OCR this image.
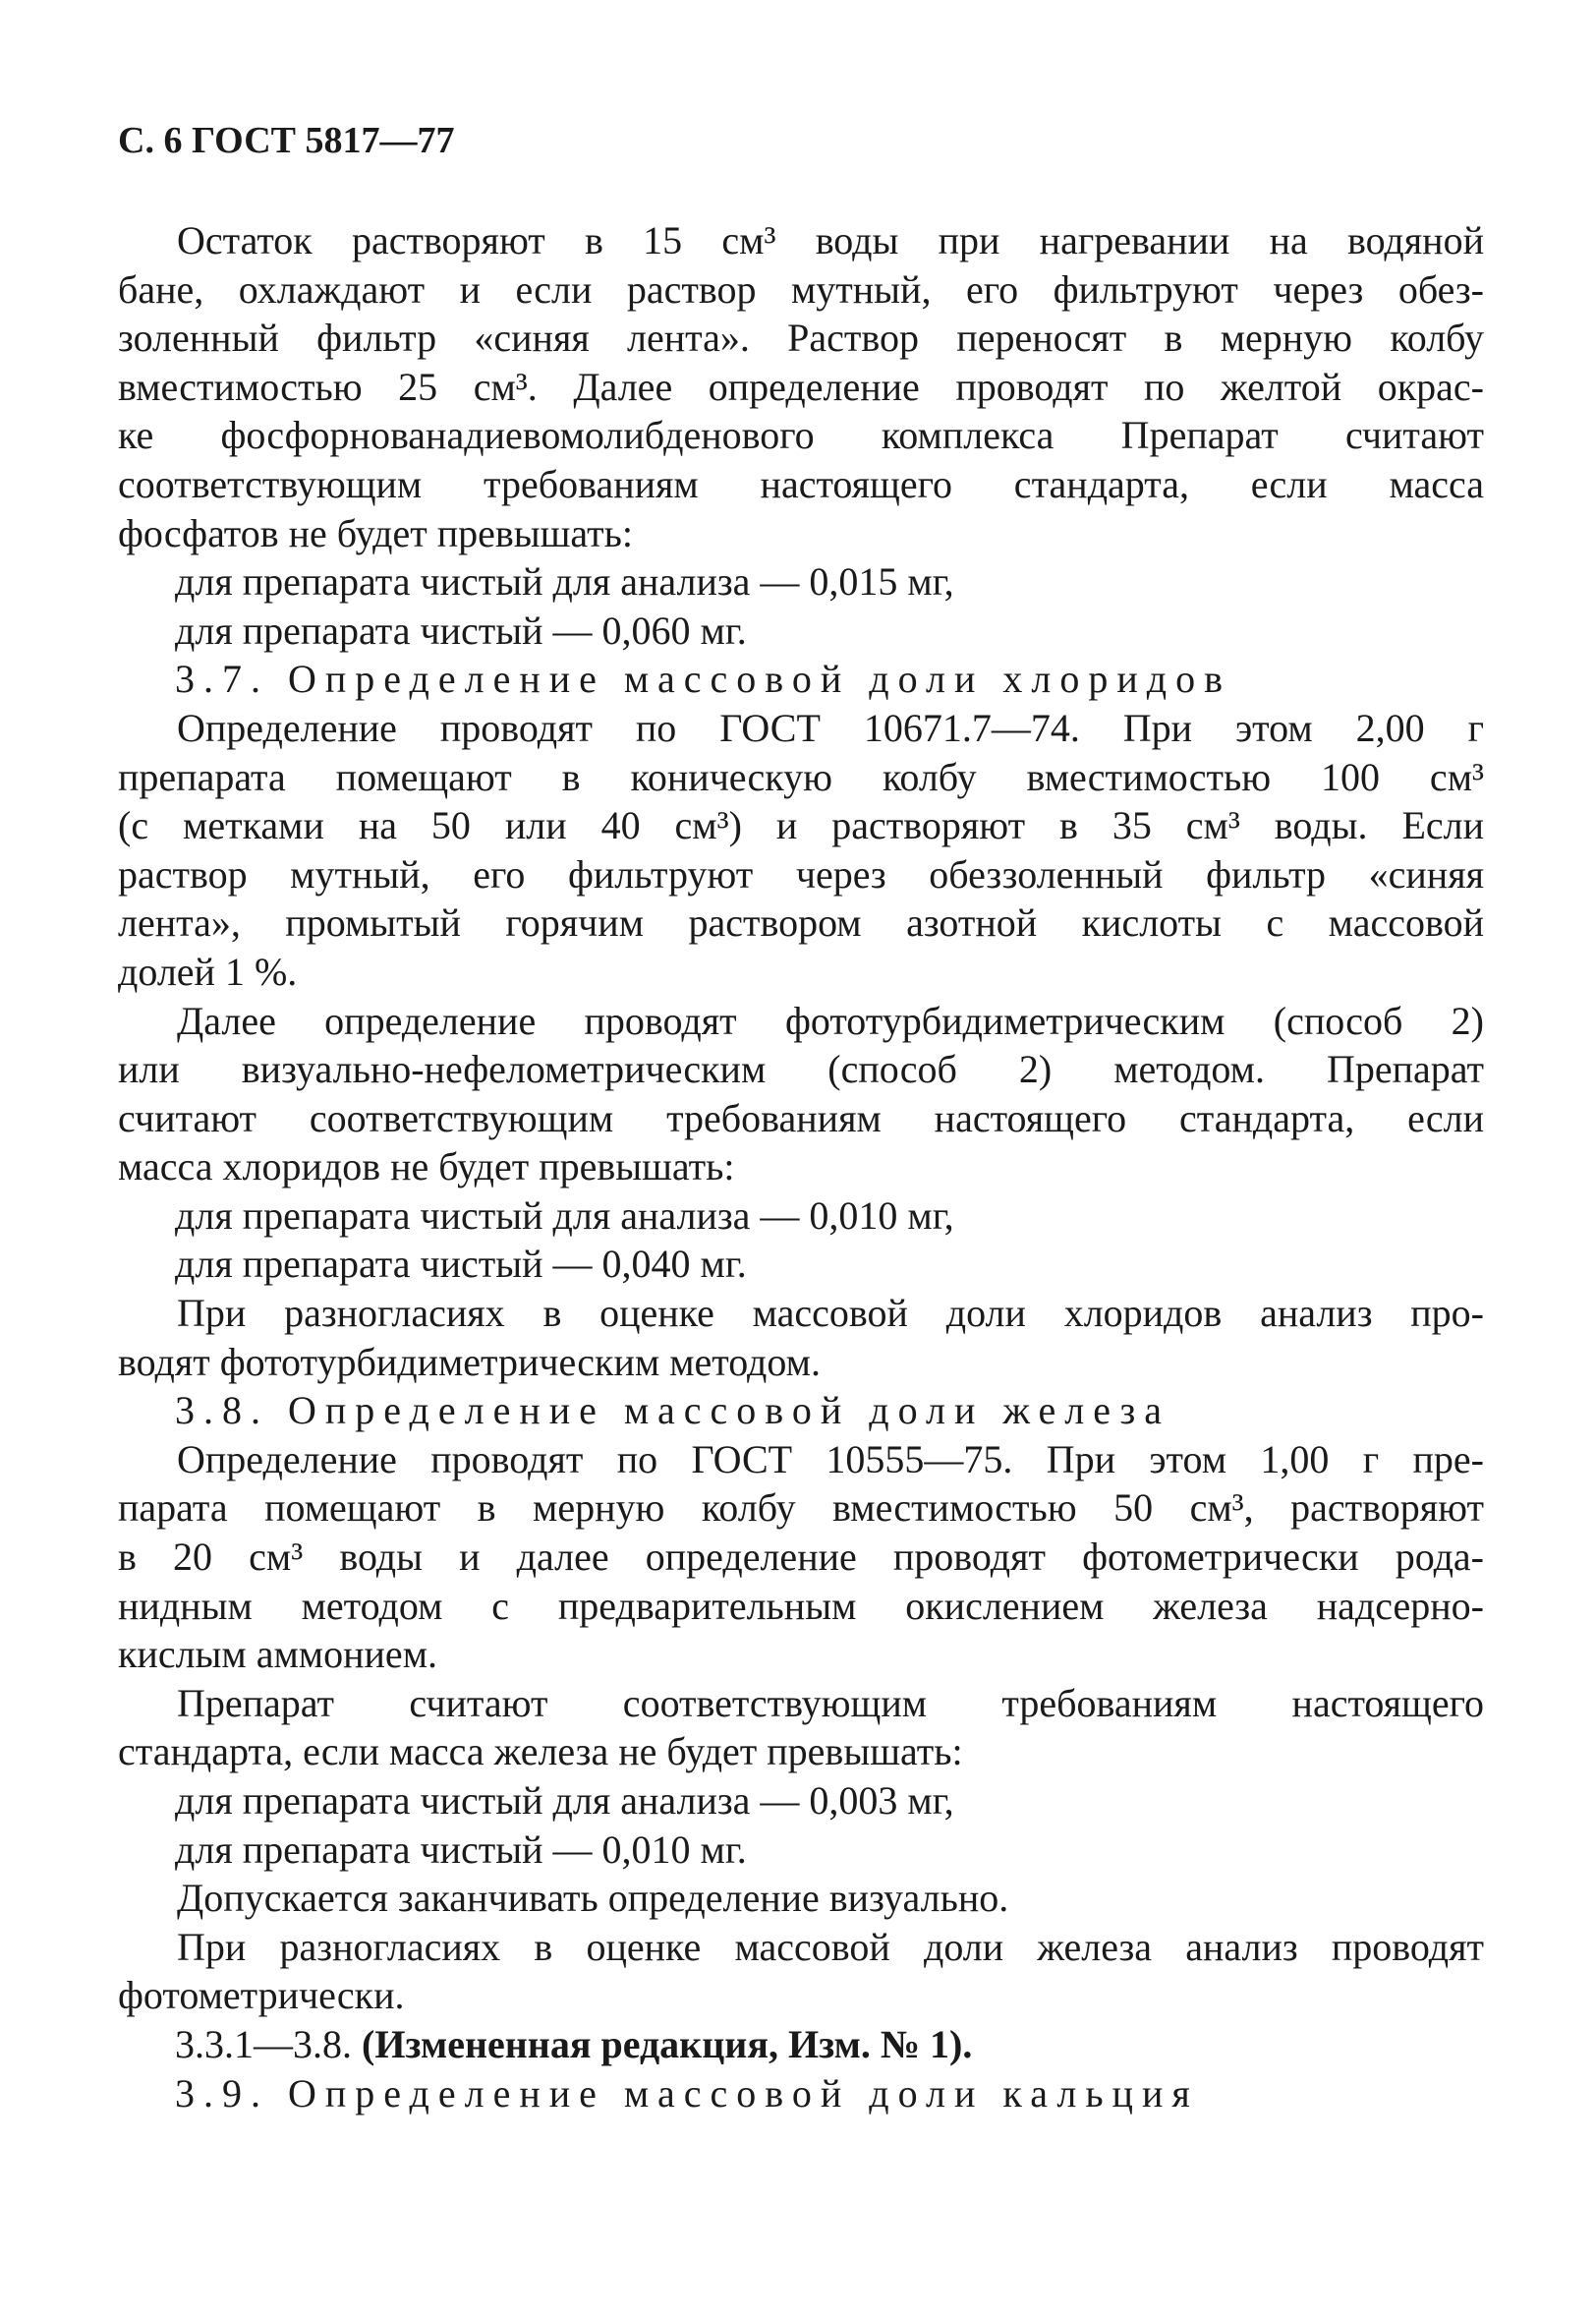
С. 6 ГОСТ 5817—77
Остаток растворяют в 15 см³ воды при нагревании на водяной
бане, охлаждают и если раствор мутный, его фильтруют через обез-
золенный фильтр «синяя лента». Раствор переносят в мерную колбу
вместимостью 25 см³. Далее определение проводят по желтой окрас-
ке фосфорнованадиевомолибденового комплекса Препарат считают
соответствующим требованиям настоящего стандарта, если масса
фосфатов не будет превышать:
для препарата чистый для анализа — 0,015 мг,
для препарата чистый — 0,060 мг.
3.7. Определение массовой доли хлоридов
Определение проводят по ГОСТ 10671.7—74. При этом 2,00 г
препарата помещают в коническую колбу вместимостью 100 см³
(с метками на 50 или 40 см³) и растворяют в 35 см³ воды. Если
раствор мутный, его фильтруют через обеззоленный фильтр «синяя
лента», промытый горячим раствором азотной кислоты с массовой
долей 1 %.
Далее определение проводят фототурбидиметрическим (способ 2)
или визуально-нефелометрическим (способ 2) методом. Препарат
считают соответствующим требованиям настоящего стандарта, если
масса хлоридов не будет превышать:
для препарата чистый для анализа — 0,010 мг,
для препарата чистый — 0,040 мг.
При разногласиях в оценке массовой доли хлоридов анализ про-
водят фототурбидиметрическим методом.
3.8. Определение массовой доли железа
Определение проводят по ГОСТ 10555—75. При этом 1,00 г пре-
парата помещают в мерную колбу вместимостью 50 см³, растворяют
в 20 см³ воды и далее определение проводят фотометрически рода-
нидным методом с предварительным окислением железа надсерно-
кислым аммонием.
Препарат считают соответствующим требованиям настоящего
стандарта, если масса железа не будет превышать:
для препарата чистый для анализа — 0,003 мг,
для препарата чистый — 0,010 мг.
Допускается заканчивать определение визуально.
При разногласиях в оценке массовой доли железа анализ проводят
фотометрически.
3.3.1—3.8. (Измененная редакция, Изм. № 1).
3.9. Определение массовой доли кальция
